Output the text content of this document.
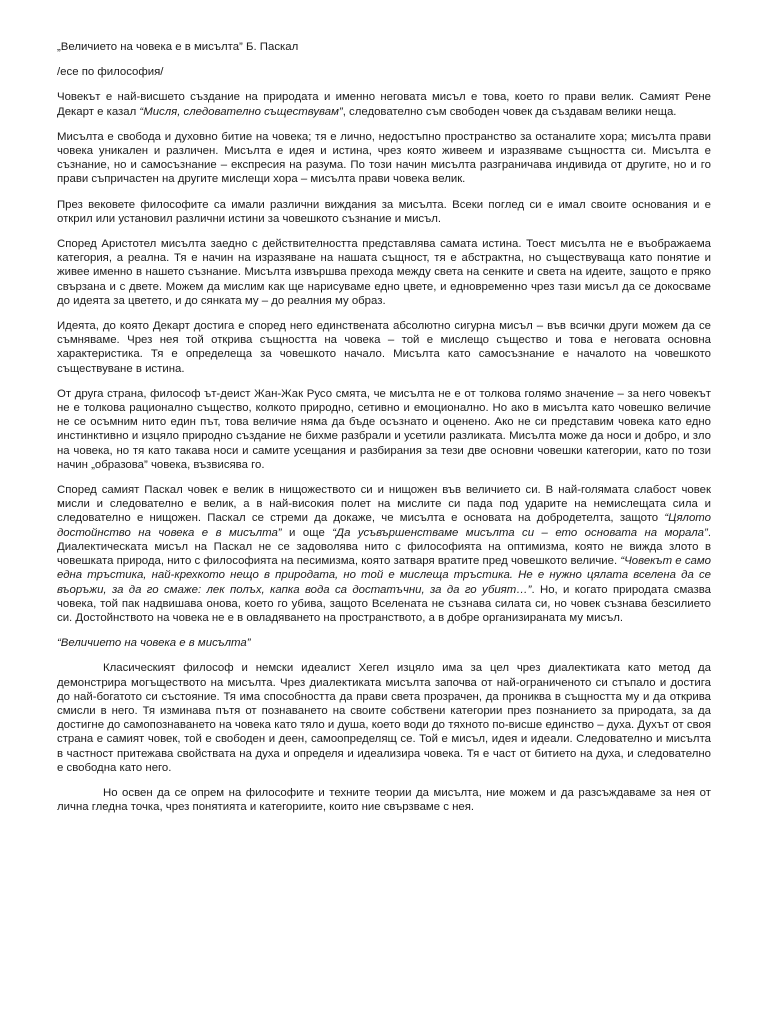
„Величието на човека е в мисълта” Б. Паскал

/есе по философия/

Човекът е най-висшето създание на природата и именно неговата мисъл е това, което го прави велик. Самият Рене Декарт е казал “Мисля, следователно съществувам”, следователно съм свободен човек да създавам велики неща.

Мисълта е свобода и духовно битие на човека; тя е лично, недостъпно пространство за останалите хора; мисълта прави човека уникален и различен. Мисълта е идея и истина, чрез която живеем и изразяваме същността си. Мисълта е съзнание, но и самосъзнание – експресия на разума. По този начин мисълта разграничава индивида от другите, но и го прави съпричастен на другите мислещи хора – мисълта прави човека велик.

През вековете философите са имали различни виждания за мисълта. Всеки поглед си е имал своите основания и е открил или установил различни истини за човешкото съзнание и мисъл.

Според Аристотел мисълта заедно с действителността представлява самата истина. Тоест мисълта не е въображаема категория, а реална. Тя е начин на изразяване на нашата същност, тя е абстрактна, но съществуваща като понятие и живее именно в нашето съзнание. Мисълта извършва прехода между света на сенките и света на идеите, защото е пряко свързана и с двете. Можем да мислим как ще нарисуваме едно цвете, и едновременно чрез тази мисъл да се докосваме до идеята за цветето, и до сянката му – до реалния му образ.

Идеята, до която Декарт достига е според него единствената абсолютно сигурна мисъл – във всички други можем да се съмняваме. Чрез нея той открива същността на човека – той е мислещо същество и това е неговата основна характеристика. Тя е определеща за човешкото начало. Мисълта като самосъзнание е началото на човешкото съществуване в истина.

От друга страна, философ ът-деист Жан-Жак Русо смята, че мисълта не е от толкова голямо значение – за него човекът не е толкова рационално същество, колкото природно, сетивно и емоционално. Но ако в мисълта като човешко величие не се осъмним нито един път, това величие няма да бъде осъзнато и оценено. Ако не си представим човека като едно инстинктивно и изцяло природно създание не бихме разбрали и усетили разликата. Мисълта може да носи и добро, и зло на човека, но тя като такава носи и самите усещания и разбирания за тези две основни човешки категории, като по този начин „образова” човека, възвисява го.

Според самият Паскал човек е велик в нищожеството си и нищожен във величието си. В най-голямата слабост човек мисли и следователно е велик, а в най-високия полет на мислите си пада под ударите на немислещата сила и следователно е нищожен. Паскал се стреми да докаже, че мисълта е основата на добродетелта, защото “Цялото достойнство на човека е в мисълта” и още “Да усъвършенстваме мисълта си – ето основата на морала”. Диалектическата мисъл на Паскал не се задоволява нито с философията на оптимизма, която не вижда злото в човешката природа, нито с философията на песимизма, която затваря вратите пред човешкото величие. “Човекът е само една тръстика, най-крехкото нещо в природата, но той е мислеща тръстика. Не е нужно цялата вселена да се въоръжи, за да го смаже: лек полъх, капка вода са достатъчни, за да го убият…”. Но, и когато природата смазва човека, той пак надвишава онова, което го убива, защото Вселената не съзнава силата си, но човек съзнава безсилието си. Достойнството на човека не е в овладяването на пространството, а в добре организираната му мисъл.

“Величието на човека е в мисълта”

Класическият философ и немски идеалист Хегел изцяло има за цел чрез диалектиката като метод да демонстрира могъществото на мисълта. Чрез диалектиката мисълта започва от най-ограниченото си стъпало и достига до най-богатото си състояние. Тя има способността да прави света прозрачен, да прониква в същността му и да открива смисли в него. Тя изминава пътя от познаването на своите собствени категории през познанието за природата, за да достигне до самопознаването на човека като тяло и душа, което води до тяхното по-висше единство – духа. Духът от своя страна е самият човек, той е свободен и деен, самоопределящ се. Той е мисъл, идея и идеали. Следователно и мисълта в частност притежава свойствата на духа и определя и идеализира човека. Тя е част от битието на духа, и следователно е свободна като него.

Но освен да се опрем на философите и техните теории да мисълта, ние можем и да разсъждаваме за нея от лична гледна точка, чрез понятията и категориите, които ние свързваме с нея.
